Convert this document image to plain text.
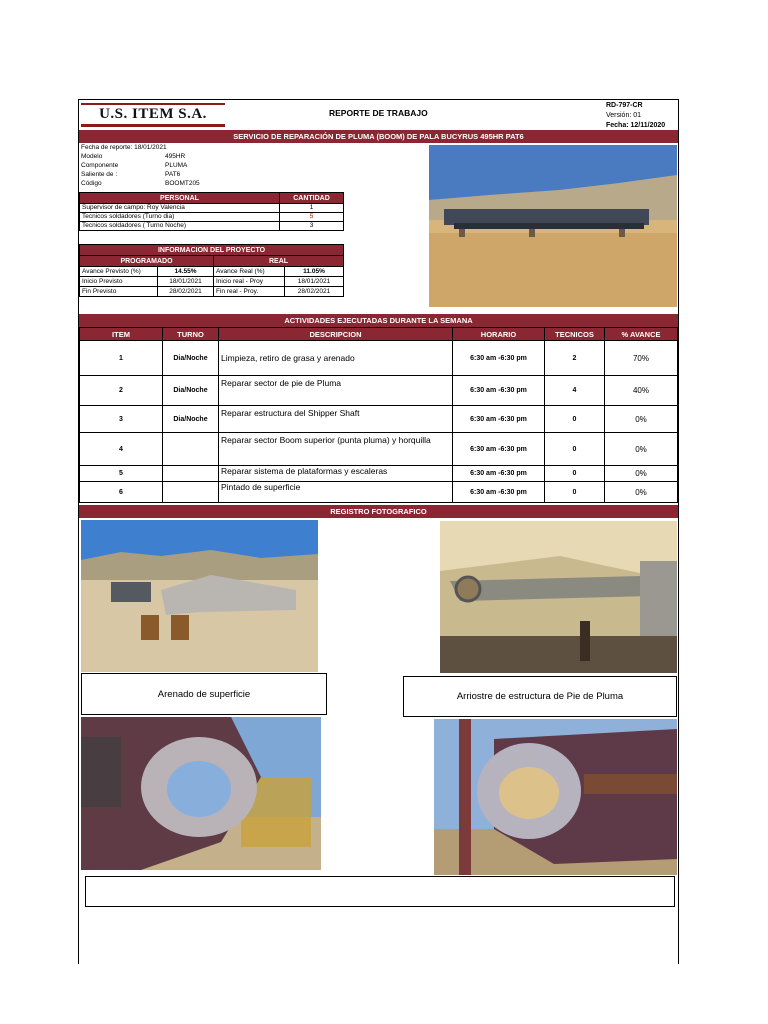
U.S. ITEM S.A.	REPORTE DE TRABAJO
RD-797-CR
Versión: 01
Fecha: 12/11/2020
SERVICIO DE REPARACIÓN DE PLUMA (BOOM) DE PALA BUCYRUS 495HR PAT6
Fecha de reporte: 18/01/2021
Modelo	495HR
Componente	PLUMA
Saliente de :	PAT6
Código	BOOMT205
PERSONAL	CANTIDAD
Supervisor de campo: Roy Valencia	1
Tecnicos soldadores (Turno dia)	5
Tecnicos soldadores ( Turno Noche)	3
INFORMACION DEL PROYECTO			
PROGRAMADO		REAL	
Avance Previsto (%)	14.55%	Avance Real (%)	11.05%
Inicio Previsto	18/01/2021	Inicio real - Proy	18/01/2021
Fin Previsto	28/02/2021	Fin real - Proy.	28/02/2021
ACTIVIDADES EJECUTADAS DURANTE LA SEMANA
ITEM	TURNO	DESCRIPCION	HORARIO	TECNICOS	% AVANCE
1	Dia/Noche	Limpieza, retiro de grasa y arenado	6:30 am -6:30 pm	2	70%
2	Dia/Noche	Reparar sector de pie de Pluma	6:30 am -6:30 pm	4	40%
3	Dia/Noche	Reparar estructura del Shipper Shaft	6:30 am -6:30 pm	0	0%
4		Reparar sector Boom superior (punta pluma) y horquilla	6:30 am -6:30 pm	0	0%
5		Reparar sistema de plataformas y escaleras	6:30 am -6:30 pm	0	0%
6		Pintado de superficie	6:30 am -6:30 pm	0	0%
REGISTRO FOTOGRAFICO
Arenado de superficie	Arriostre de estructura de Pie de Pluma
